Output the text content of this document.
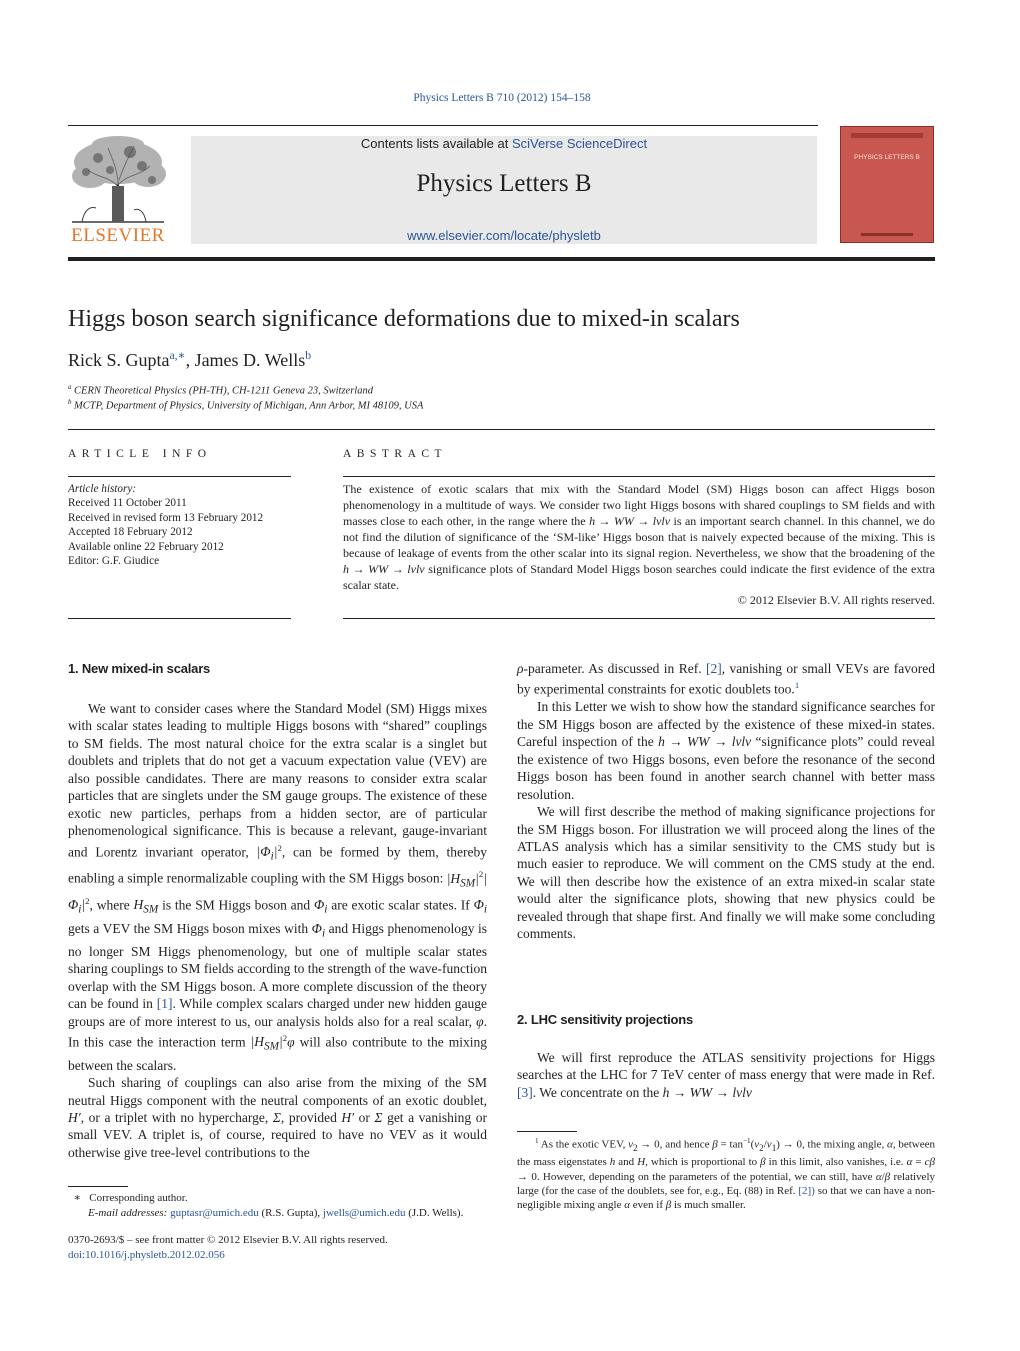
Physics Letters B 710 (2012) 154–158
ELSEVIER
Contents lists available at SciVerse ScienceDirect
Physics Letters B
www.elsevier.com/locate/physletb
PHYSICS LETTERS B
Higgs boson search significance deformations due to mixed-in scalars
Rick S. Gupta$^{a,∗}$, James D. Wells$^b$
$^a$ CERN Theoretical Physics (PH-TH), CH-1211 Geneva 23, Switzerland
$^b$ MCTP, Department of Physics, University of Michigan, Ann Arbor, MI 48109, USA
ARTICLE INFO	ABSTRACT
Article history:
Received 11 October 2011
Received in revised form 13 February 2012
Accepted 18 February 2012
Available online 22 February 2012
Editor: G.F. Giudice
The existence of exotic scalars that mix with the Standard Model (SM) Higgs boson can affect Higgs boson phenomenology in a multitude of ways. We consider two light Higgs bosons with shared couplings to SM fields and with masses close to each other, in the range where the h → WW → lνlν is an important search channel. In this channel, we do not find the dilution of significance of the ‘SM-like’ Higgs boson that is naively expected because of the mixing. This is because of leakage of events from the other scalar into its signal region. Nevertheless, we show that the broadening of the h → WW → lνlν significance plots of Standard Model Higgs boson searches could indicate the first evidence of the extra scalar state.
© 2012 Elsevier B.V. All rights reserved.
1. New mixed-in scalars

We want to consider cases where the Standard Model (SM) Higgs mixes with scalar states leading to multiple Higgs bosons with “shared” couplings to SM fields. The most natural choice for the extra scalar is a singlet but doublets and triplets that do not get a vacuum expectation value (VEV) are also possible candidates. There are many reasons to consider extra scalar particles that are singlets under the SM gauge groups. The existence of these exotic new particles, perhaps from a hidden sector, are of particular phenomenological significance. This is because a relevant, gauge-invariant and Lorentz invariant operator, $|\Phi_i|^2$, can be formed by them, thereby enabling a simple renormalizable coupling with the SM Higgs boson: $|H_{SM}|^2|\Phi_i|^2$, where $H_{SM}$ is the SM Higgs boson and $\Phi_i$ are exotic scalar states. If $\Phi_i$ gets a VEV the SM Higgs boson mixes with $\Phi_i$ and Higgs phenomenology is no longer SM Higgs phenomenology, but one of multiple scalar states sharing couplings to SM fields according to the strength of the wave-function overlap with the SM Higgs boson. A more complete discussion of the theory can be found in [1]. While complex scalars charged under new hidden gauge groups are of more interest to us, our analysis holds also for a real scalar, φ. In this case the interaction term $|H_{SM}|^2\varphi$ will also contribute to the mixing between the scalars.

Such sharing of couplings can also arise from the mixing of the SM neutral Higgs component with the neutral components of an exotic doublet, H′, or a triplet with no hypercharge, Σ, provided H′ or Σ get a vanishing or small VEV. A triplet is, of course, required to have no VEV as it would otherwise give tree-level contributions to the

ρ-parameter. As discussed in Ref. [2], vanishing or small VEVs are favored by experimental constraints for exotic doublets too.$^1$

In this Letter we wish to show how the standard significance searches for the SM Higgs boson are affected by the existence of these mixed-in states. Careful inspection of the h → WW → lνlν “significance plots” could reveal the existence of two Higgs bosons, even before the resonance of the second Higgs boson has been found in another search channel with better mass resolution.

We will first describe the method of making significance projections for the SM Higgs boson. For illustration we will proceed along the lines of the ATLAS analysis which has a similar sensitivity to the CMS study but is much easier to reproduce. We will comment on the CMS study at the end. We will then describe how the existence of an extra mixed-in scalar state would alter the significance plots, showing that new physics could be revealed through that shape first. And finally we will make some concluding comments.

2. LHC sensitivity projections

We will first reproduce the ATLAS sensitivity projections for Higgs searches at the LHC for 7 TeV center of mass energy that were made in Ref. [3]. We concentrate on the h → WW → lνlν

$^1$ As the exotic VEV, $v_2 \to 0$, and hence $\beta = \tan^{-1}(v_2/v_1) \to 0$, the mixing angle, α, between the mass eigenstates h and H, which is proportional to β in this limit, also vanishes, i.e. α = cβ → 0. However, depending on the parameters of the potential, we can still, have α/β relatively large (for the case of the doublets, see for, e.g., Eq. (88) in Ref. [2]) so that we can have a non-negligible mixing angle α even if β is much smaller.

∗ Corresponding author.
E-mail addresses: guptasr@umich.edu (R.S. Gupta), jwells@umich.edu (J.D. Wells).
0370-2693/$ – see front matter © 2012 Elsevier B.V. All rights reserved.
doi:10.1016/j.physletb.2012.02.056
